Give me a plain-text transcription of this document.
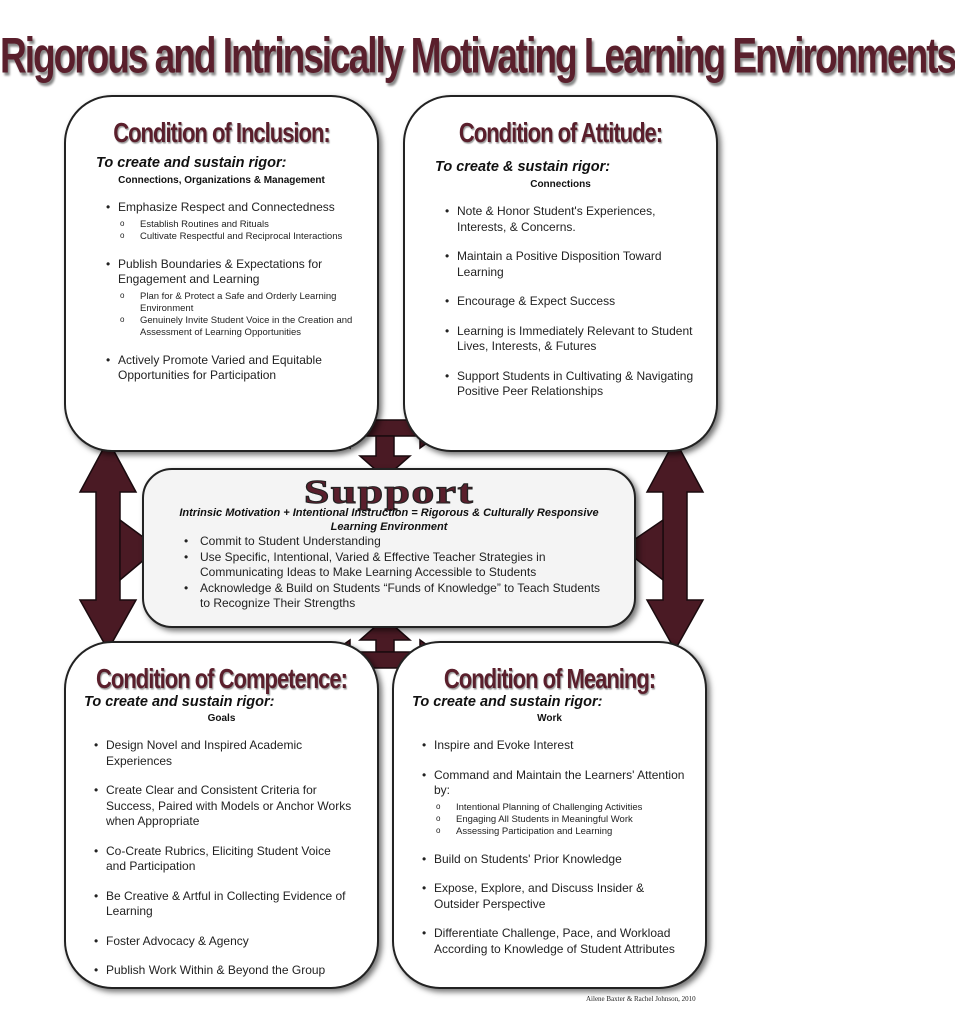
Rigorous and Intrinsically Motivating Learning Environments
Condition of Inclusion:
To create and sustain rigor:
Connections, Organizations & Management
• Emphasize Respect and Connectedness
o Establish Routines and Rituals
o Cultivate Respectful and Reciprocal Interactions
• Publish Boundaries & Expectations for Engagement and Learning
o Plan for & Protect a Safe and Orderly Learning Environment
o Genuinely Invite Student Voice in the Creation and Assessment of Learning Opportunities
• Actively Promote Varied and Equitable Opportunities for Participation
Condition of Attitude:
To create & sustain rigor:
Connections
• Note & Honor Student's Experiences, Interests, & Concerns.
• Maintain a Positive Disposition Toward Learning
• Encourage & Expect Success
• Learning is Immediately Relevant to Student Lives, Interests, & Futures
• Support Students in Cultivating & Navigating Positive Peer Relationships
Support
Intrinsic Motivation + Intentional Instruction = Rigorous & Culturally Responsive Learning Environment
• Commit to Student Understanding
• Use Specific, Intentional, Varied & Effective Teacher Strategies in Communicating Ideas to Make Learning Accessible to Students
• Acknowledge & Build on Students “Funds of Knowledge” to Teach Students to Recognize Their Strengths
Condition of Competence:
To create and sustain rigor:
Goals
• Design Novel and Inspired Academic Experiences
• Create Clear and Consistent Criteria for Success, Paired with Models or Anchor Works when Appropriate
• Co-Create Rubrics, Eliciting Student Voice and Participation
• Be Creative & Artful in Collecting Evidence of Learning
• Foster Advocacy & Agency
• Publish Work Within & Beyond the Group
Condition of Meaning:
To create and sustain rigor:
Work
• Inspire and Evoke Interest
• Command and Maintain the Learners' Attention by:
o Intentional Planning of Challenging Activities
o Engaging All Students in Meaningful Work
o Assessing Participation and Learning
• Build on Students' Prior Knowledge
• Expose, Explore, and Discuss Insider & Outsider Perspective
• Differentiate Challenge, Pace, and Workload According to Knowledge of Student Attributes
Ailene Baxter & Rachel Johnson, 2010
